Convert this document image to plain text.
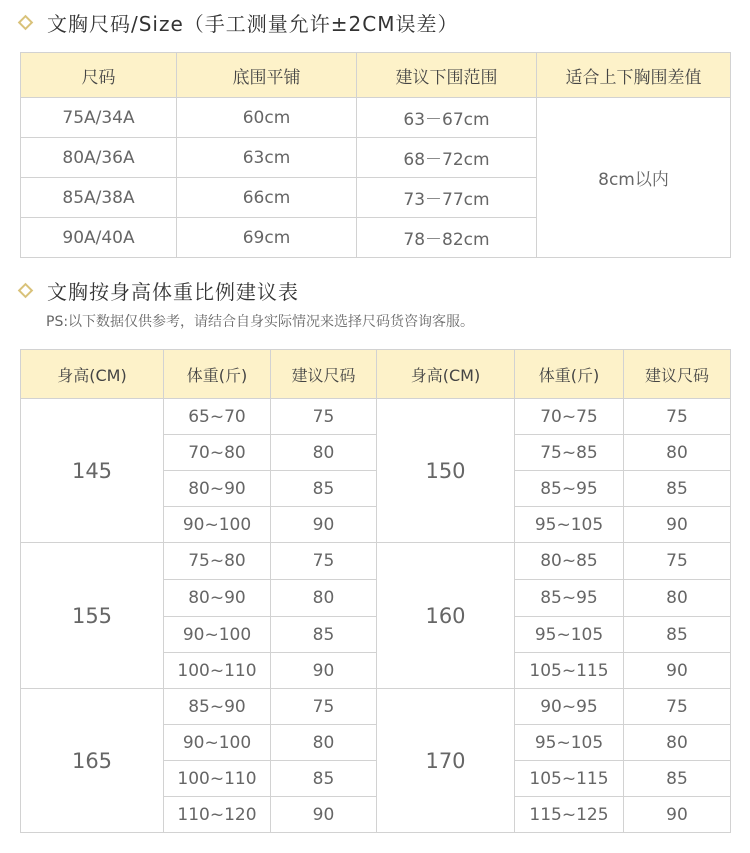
文胸尺码/Size（手工测量允许±2CM误差）
尺码	底围平铺	建议下围范围	适合上下胸围差值
75A/34A	60cm	63－67cm	8cm以内
80A/36A	63cm	68－72cm	
85A/38A	66cm	73－77cm	
90A/40A	69cm	78－82cm	
文胸按身高体重比例建议表
PS:以下数据仅供参考，请结合自身实际情况来选择尺码货咨询客服。
身高(CM)	体重(斤)	建议尺码	身高(CM)	体重(斤)	建议尺码
145	65~70	75	150	70~75	75
	70~80	80		75~85	80
	80~90	85		85~95	85
	90~100	90		95~105	90
155	75~80	75	160	80~85	75
	80~90	80		85~95	80
	90~100	85		95~105	85
	100~110	90		105~115	90
165	85~90	75	170	90~95	75
	90~100	80		95~105	80
	100~110	85		105~115	85
	110~120	90		115~125	90
